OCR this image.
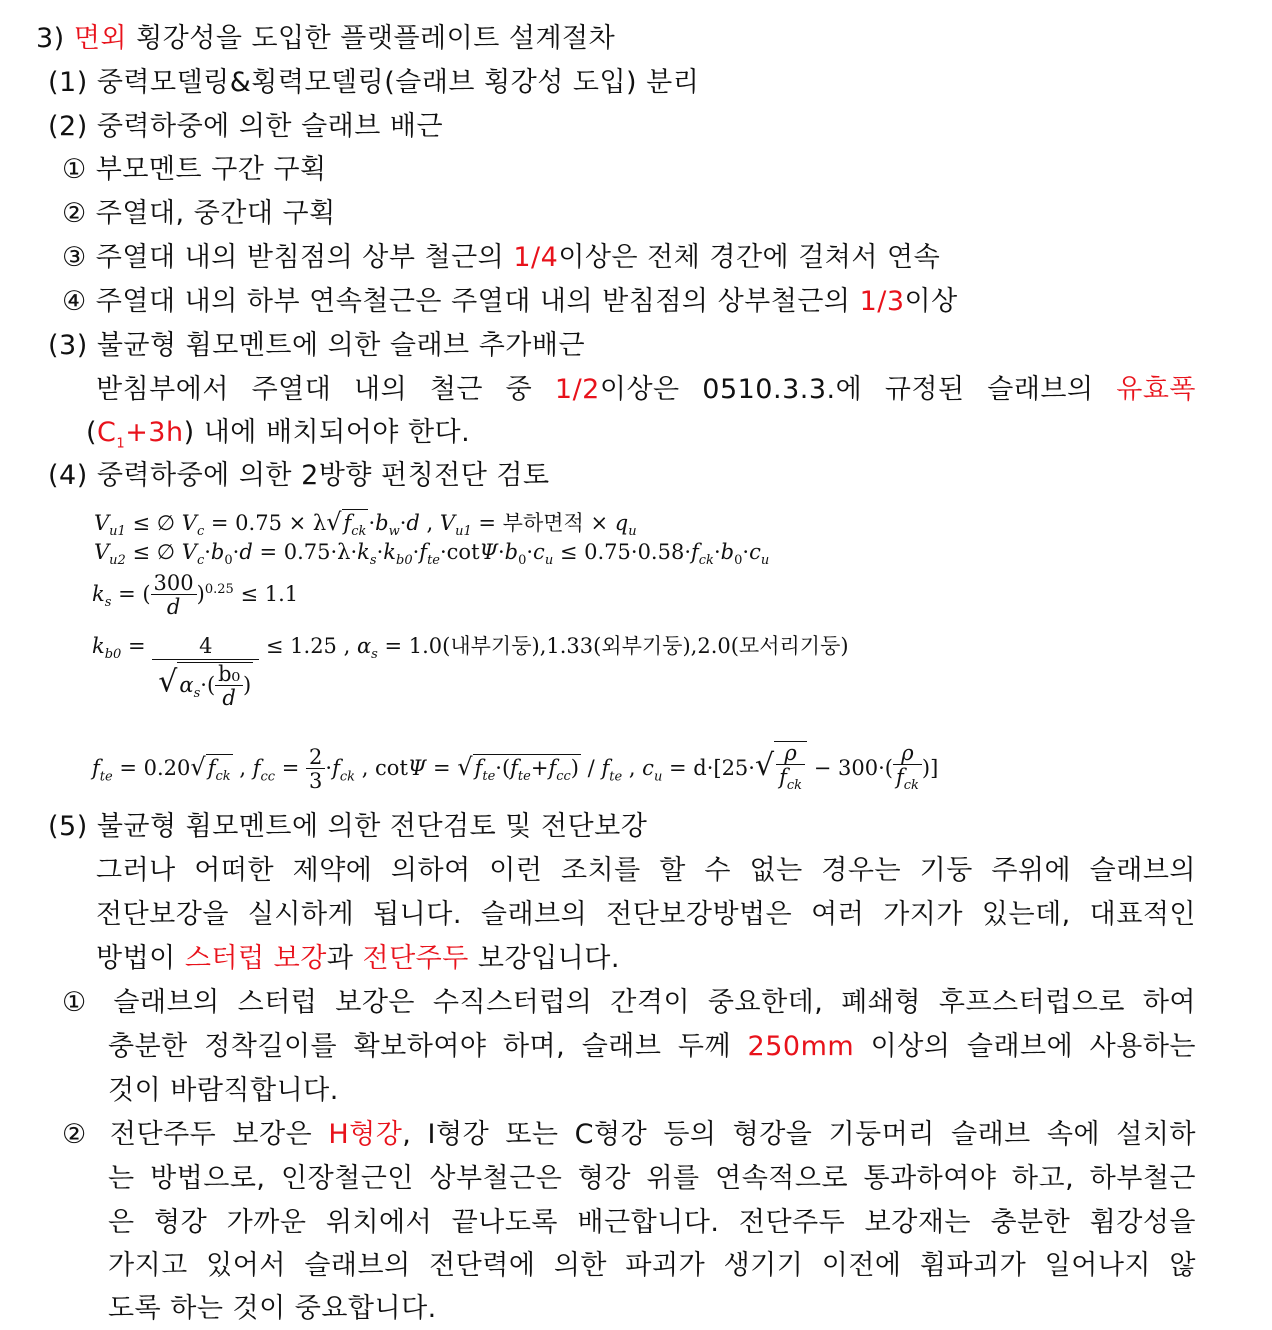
3) 면외 횡강성을 도입한 플랫플레이트 설계절차
(1) 중력모델링&횡력모델링(슬래브 횡강성 도입) 분리
(2) 중력하중에 의한 슬래브 배근
① 부모멘트 구간 구획
② 주열대, 중간대 구획
③ 주열대 내의 받침점의 상부 철근의 1/4이상은 전체 경간에 걸쳐서 연속
④ 주열대 내의 하부 연속철근은 주열대 내의 받침점의 상부철근의 1/3이상
(3) 불균형 휨모멘트에 의한 슬래브 추가배근
받침부에서 주열대 내의 철근 중 1/2이상은 0510.3.3.에 규정된 슬래브의 유효폭
$(C_1+3h)$ 내에 배치되어야 한다.
(4) 중력하중에 의한 2방향 펀칭전단 검토
$V_{u1}$ ≤ ∅ $V_c = 0.75 \times \lambda√f_{ck}\cdot b_w\cdot d$ , $V_{u1}$ = 부하면적 × $q_u$
$V_{u2}$ ≤ ∅ $V_c\cdot b_0\cdot d = 0.75\cdot\lambda\cdot k_s\cdot k_{b0}\cdot f_{te}\cdot\cot\Psi\cdot b_0\cdot c_u \le 0.75\cdot 0.58\cdot f_{ck}\cdot b_0\cdot c_u$
$k_s$ = ( $\frac{300}{d} )^{0.25} \le 1.1$
$k_{b0} = \frac{4}{√\alpha_s\cdot( \frac{\text{b₀}}{d} )} \le 1.25$ , $\alpha_s = 1.0$(내부기둥),1.33(외부기둥),2.0(모서리기둥)
$f_{te} = 0.20√f_{ck}$ , $f_{cc} = \frac{2}{3} \cdot f_{ck}$ , $\cot\Psi = √f_{te}\cdot(f_{te}+f_{cc}) / f_{te}$ , $c_u = d\cdot[25\cdot√ \frac{\rho}{f_{ck}} - 300\cdot( \frac{\rho}{f_{ck}}$ )]
(5) 불균형 휨모멘트에 의한 전단검토 및 전단보강
그러나 어떠한 제약에 의하여 이런 조치를 할 수 없는 경우는 기둥 주위에 슬래브의
전단보강을 실시하게 됩니다. 슬래브의 전단보강방법은 여러 가지가 있는데, 대표적인
방법이 스터럽 보강과 전단주두 보강입니다.
① 슬래브의 스터럽 보강은 수직스터럽의 간격이 중요한데, 폐쇄형 후프스터럽으로 하여
충분한 정착길이를 확보하여야 하며, 슬래브 두께 250mm 이상의 슬래브에 사용하는
것이 바람직합니다.
② 전단주두 보강은 H형강, I형강 또는 C형강 등의 형강을 기둥머리 슬래브 속에 설치하
는 방법으로, 인장철근인 상부철근은 형강 위를 연속적으로 통과하여야 하고, 하부철근
은 형강 가까운 위치에서 끝나도록 배근합니다. 전단주두 보강재는 충분한 휨강성을
가지고 있어서 슬래브의 전단력에 의한 파괴가 생기기 이전에 휨파괴가 일어나지 않
도록 하는 것이 중요합니다.
